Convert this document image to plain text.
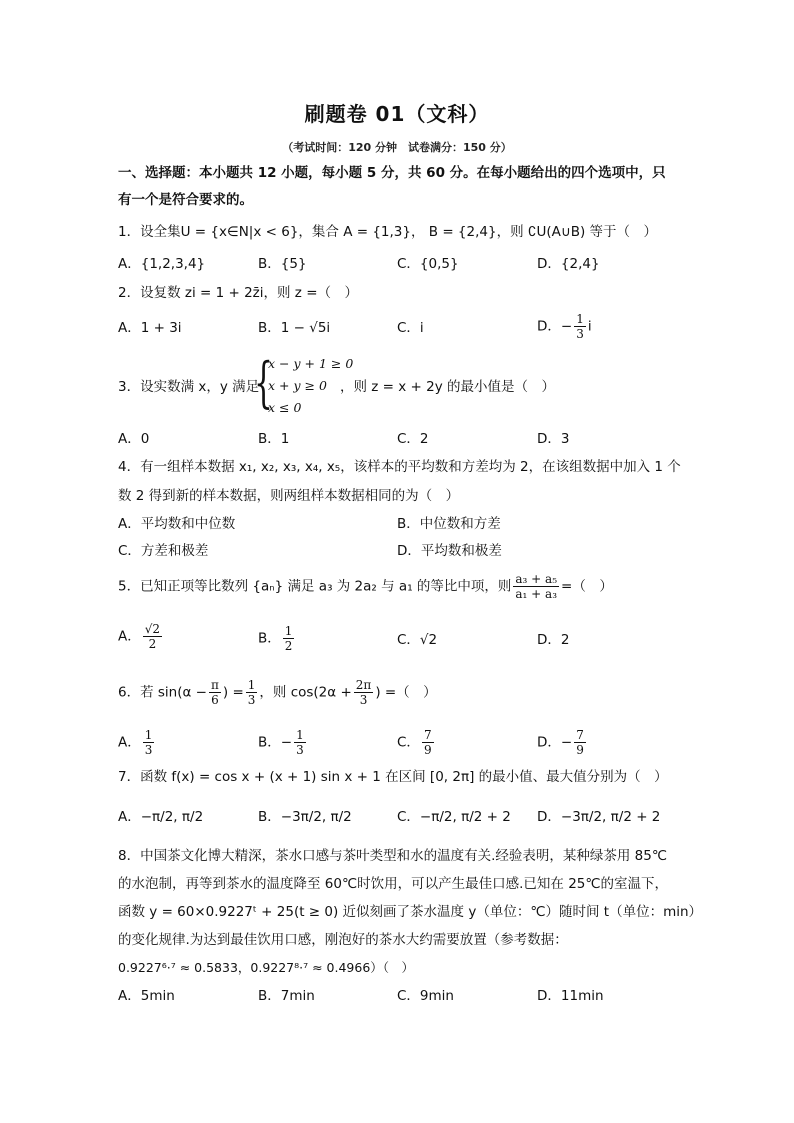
刷题卷 01（文科）
（考试时间：120 分钟　试卷满分：150 分）
一、选择题：本小题共 12 小题，每小题 5 分，共 60 分。在每小题给出的四个选项中，只
有一个是符合要求的。
1．设全集U = {x∈N|x < 6}，集合 A = {1,3}， B = {2,4}，则 ∁U(A∪B) 等于（　）
A．{1,2,3,4}	B．{5}	C．{0,5}	D．{2,4}
2．设复数 zi = 1 + 2z̄i，则 z =（　）
A．1 + 3i	B．1 − √5i	C．i	D．− $\frac{1}{3}$ i
3．设实数满 x，y 满足
{
x − y + 1 ≥ 0
x + y ≥ 0
x ≤ 0
，则 z = x + 2y 的最小值是（　）
A．0	B．1	C．2	D．3
4．有一组样本数据 x₁, x₂, x₃, x₄, x₅，该样本的平均数和方差均为 2，在该组数据中加入 1 个
数 2 得到新的样本数据，则两组样本数据相同的为（　）
A．平均数和中位数	B．中位数和方差
C．方差和极差	D．平均数和极差
5．已知正项等比数列 {aₙ} 满足 a₃ 为 2a₂ 与 a₁ 的等比中项，则 $\frac{\text{a₃ + a₅}}{\text{a₁ + a₃}}$ =（　）
A． $\frac{√2}{2}$	B． $\frac{1}{2}$	C．√2	D．2
6．若 $\sin(\alpha - \frac{\pi}{6}$ ) = $\frac{1}{3}$ ，则 $\cos(2\alpha + \frac{2\pi}{3}$ ) =（　）
A． $\frac{1}{3}$	B．− $\frac{1}{3}$	C． $\frac{7}{9}$	D．− $\frac{7}{9}$
7．函数 f(x) = cos x + (x + 1) sin x + 1 在区间 [0, 2π] 的最小值、最大值分别为（　）
A．−π/2, π/2	B．−3π/2, π/2	C．−π/2, π/2 + 2 D．−3π/2, π/2 + 2
8．中国茶文化博大精深，茶水口感与茶叶类型和水的温度有关.经验表明，某种绿茶用 85℃
的水泡制，再等到茶水的温度降至 60℃时饮用，可以产生最佳口感.已知在 25℃的室温下，
函数 y = 60×0.9227ᵗ + 25(t ≥ 0) 近似刻画了茶水温度 y（单位：℃）随时间 t（单位：min）
的变化规律.为达到最佳饮用口感，刚泡好的茶水大约需要放置（参考数据：
0.9227⁶·⁷ ≈ 0.5833，0.9227⁸·⁷ ≈ 0.4966）（　）
A．5min	B．7min	C．9min	D．11min
